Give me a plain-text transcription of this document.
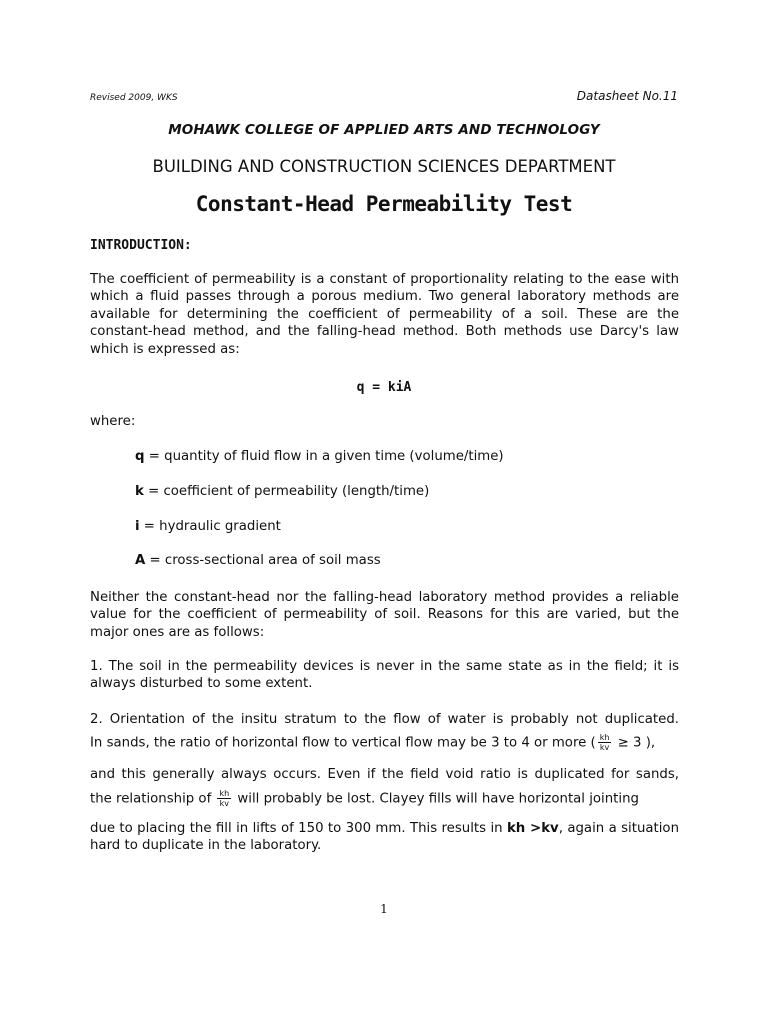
Revised 2009, WKS	Datasheet No.11
MOHAWK COLLEGE OF APPLIED ARTS AND TECHNOLOGY
BUILDING AND CONSTRUCTION SCIENCES DEPARTMENT
Constant-Head Permeability Test
INTRODUCTION:

The coefficient of permeability is a constant of proportionality relating to the ease with which a fluid passes through a porous medium. Two general laboratory methods are available for determining the coefficient of permeability of a soil. These are the constant-head method, and the falling-head method. Both methods use Darcy's law which is expressed as:

q = kiA
where:
q = quantity of fluid flow in a given time (volume/time)
k = coefficient of permeability (length/time)
i = hydraulic gradient
A = cross-sectional area of soil mass

Neither the constant-head nor the falling-head laboratory method provides a reliable value for the coefficient of permeability of soil. Reasons for this are varied, but the major ones are as follows:

1. The soil in the permeability devices is never in the same state as in the field; it is always disturbed to some extent.

2. Orientation of the insitu stratum to the flow of water is probably not duplicated.
In sands, the ratio of horizontal flow to vertical flow may be 3 to 4 or more ( $\frac{kh}{kv} \ge 3$ ),
and this generally always occurs. Even if the field void ratio is duplicated for sands,
the relationship of $\frac{kh}{kv}$ will probably be lost. Clayey fills will have horizontal jointing
due to placing the fill in lifts of 150 to 300 mm. This results in kh >kv, again a situation
hard to duplicate in the laboratory.
1
